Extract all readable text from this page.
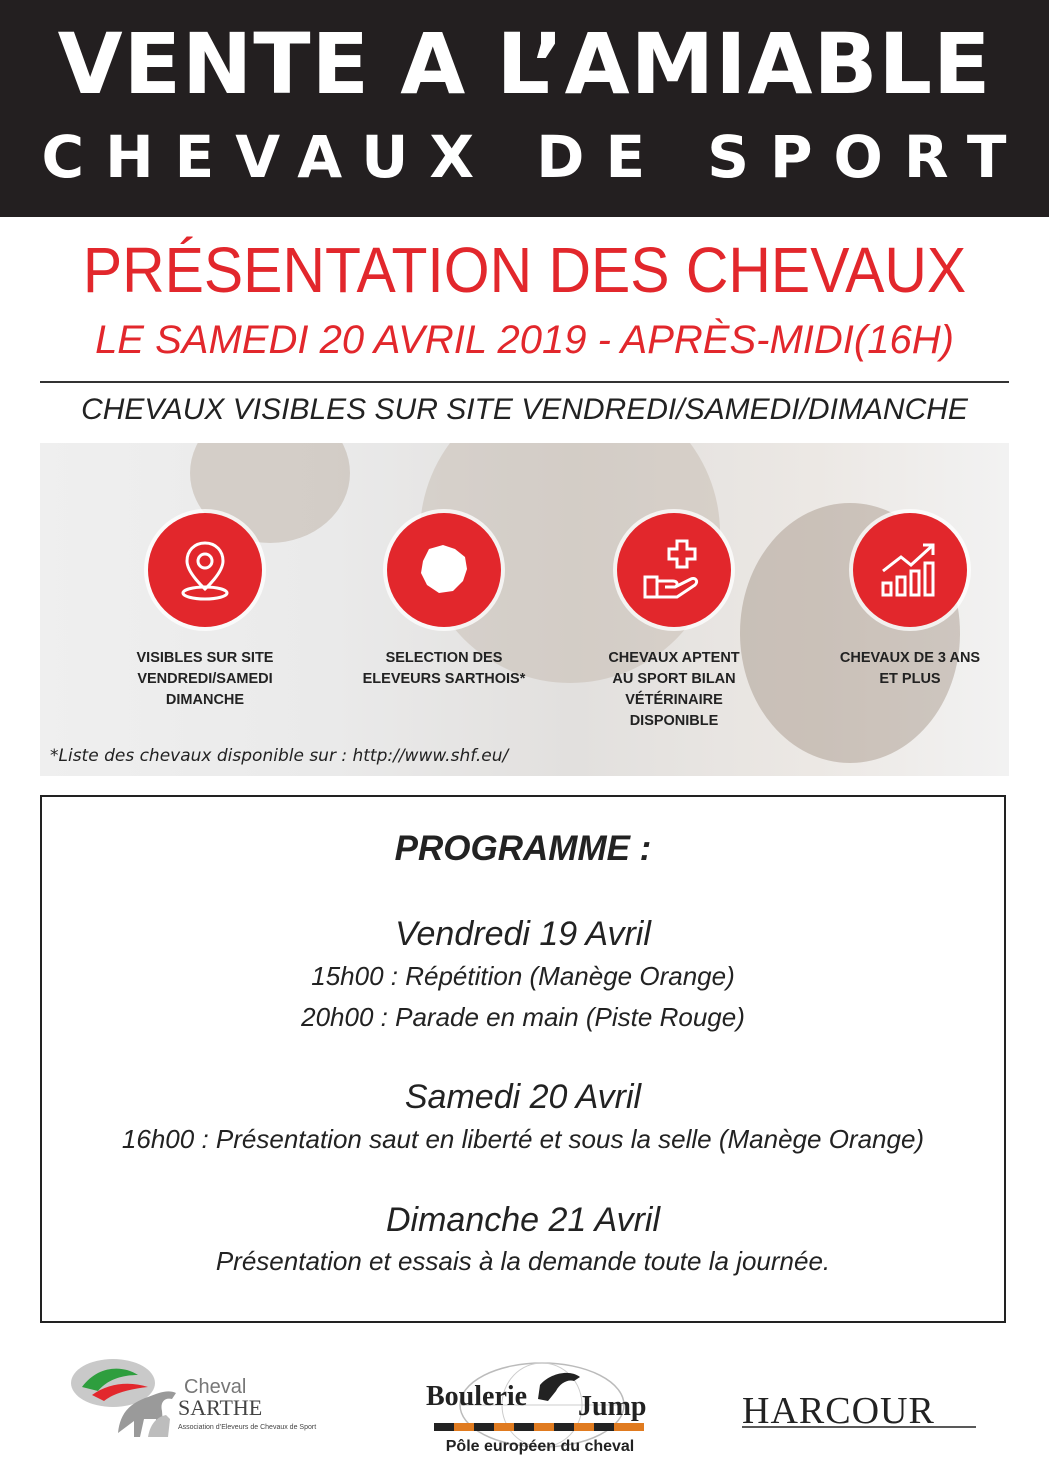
VENTE A L’AMIABLE
CHEVAUX DE SPORT
PRÉSENTATION DES CHEVAUX
LE SAMEDI 20 AVRIL 2019 - APRÈS-MIDI(16H)
CHEVAUX VISIBLES SUR SITE VENDREDI/SAMEDI/DIMANCHE
VISIBLES SUR SITE
VENDREDI/SAMEDI
DIMANCHE
SELECTION DES
ELEVEURS SARTHOIS*
CHEVAUX APTENT
AU SPORT BILAN
VÉTÉRINAIRE
DISPONIBLE
CHEVAUX DE 3 ANS
ET PLUS
*Liste des chevaux disponible sur : http://www.shf.eu/
PROGRAMME :
Vendredi 19 Avril
15h00 : Répétition (Manège Orange)
20h00 : Parade en main (Piste Rouge)
Samedi 20 Avril
16h00 : Présentation saut en liberté et sous la selle (Manège Orange)
Dimanche 21 Avril
Présentation et essais à la demande toute la journée.
Cheval
SARTHE
Association d’Eleveurs de Chevaux de Sport
Boulerie Jump
Pôle européen du cheval
HARCOUR
